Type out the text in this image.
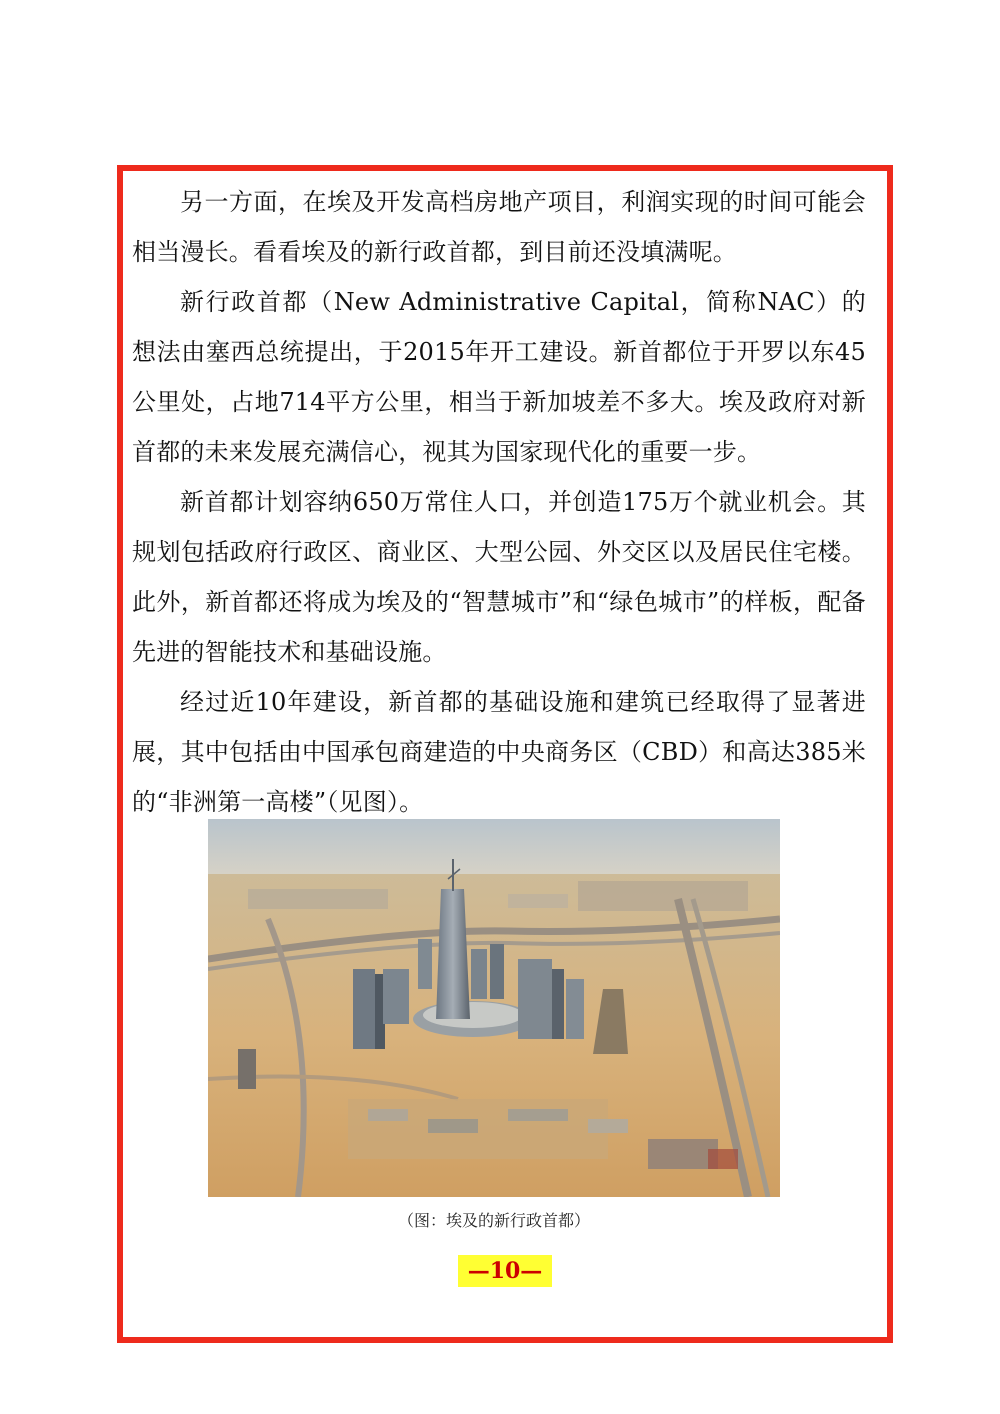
另一方面，在埃及开发高档房地产项目，利润实现的时间可能会相当漫长。看看埃及的新行政首都，到目前还没填满呢。

新行政首都（New Administrative Capital，简称NAC）的想法由塞西总统提出，于2015年开工建设。新首都位于开罗以东45公里处，占地714平方公里，相当于新加坡差不多大。埃及政府对新首都的未来发展充满信心，视其为国家现代化的重要一步。

新首都计划容纳650万常住人口，并创造175万个就业机会。其规划包括政府行政区、商业区、大型公园、外交区以及居民住宅楼。此外，新首都还将成为埃及的“智慧城市”和“绿色城市”的样板，配备先进的智能技术和基础设施。

经过近10年建设，新首都的基础设施和建筑已经取得了显著进展，其中包括由中国承包商建造的中央商务区（CBD）和高达385米的“非洲第一高楼”（见图）。

（图：埃及的新行政首都）
—10—
